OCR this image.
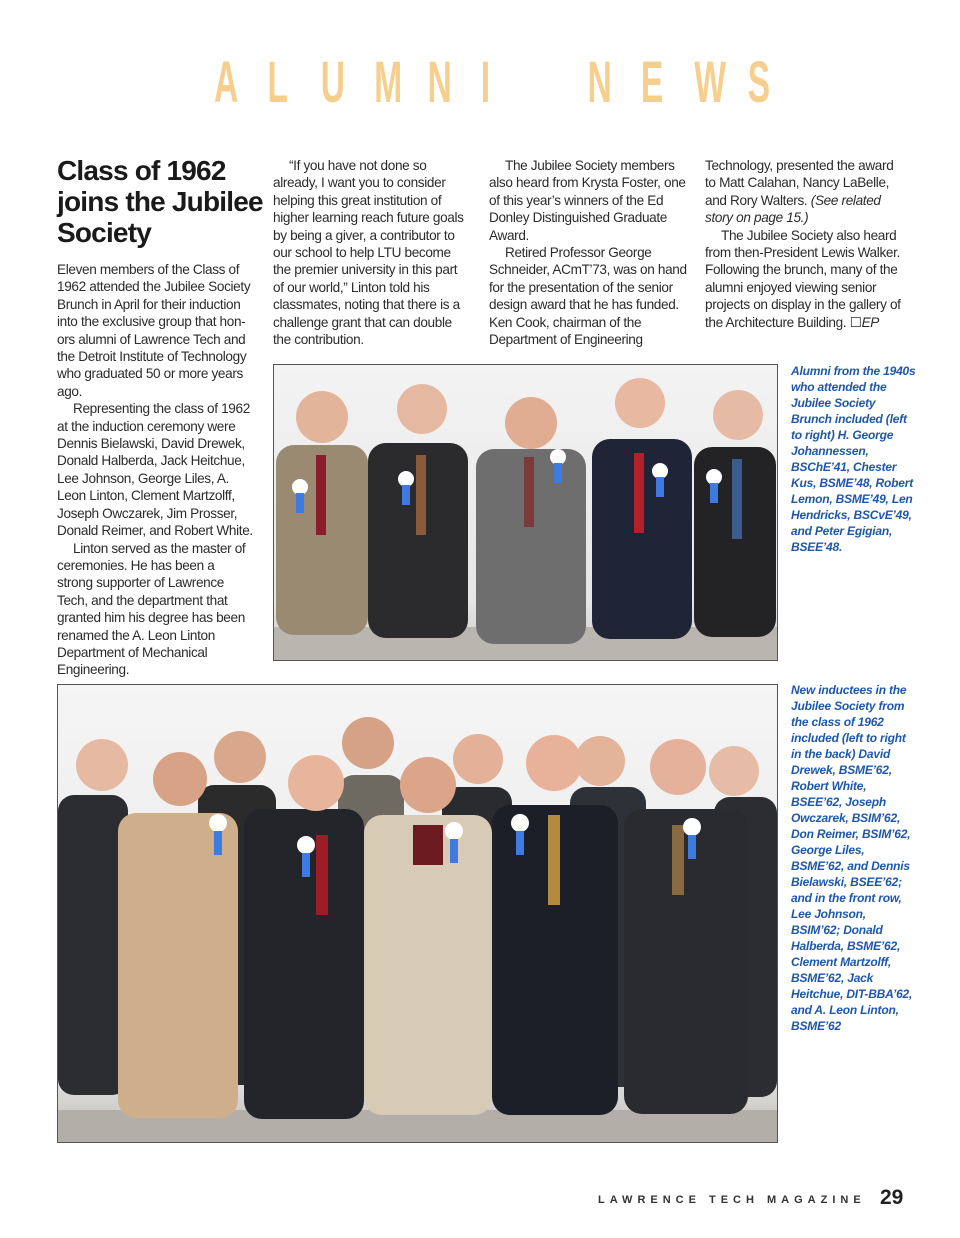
A L U M N I N E W S
Class of 1962 joins the Jubilee Society

Eleven members of the Class of 1962 attended the Jubilee Society Brunch in April for their induction into the exclusive group that hon-ors alumni of Lawrence Tech and the Detroit Institute of Technology who graduated 50 or more years ago.

Representing the class of 1962 at the induction ceremony were Dennis Bielawski, David Drewek, Donald Halberda, Jack Heitchue, Lee Johnson, George Liles, A. Leon Linton, Clement Martzolff, Joseph Owczarek, Jim Prosser, Donald Reimer, and Robert White.

Linton served as the master of ceremonies. He has been a strong supporter of Lawrence Tech, and the department that granted him his degree has been renamed the A. Leon Linton Department of Mechanical Engineering.

“If you have not done so already, I want you to consider helping this great institution of higher learning reach future goals by being a giver, a contributor to our school to help LTU become the premier university in this part of our world,” Linton told his classmates, noting that there is a challenge grant that can double the contribution.

The Jubilee Society members also heard from Krysta Foster, one of this year’s winners of the Ed Donley Distinguished Graduate Award.

Retired Professor George Schneider, ACmT’73, was on hand for the presentation of the senior design award that he has funded. Ken Cook, chairman of the Department of Engineering

Technology, presented the award to Matt Calahan, Nancy LaBelle, and Rory Walters. (See related story on page 15.)

The Jubilee Society also heard from then-President Lewis Walker. Following the brunch, many of the alumni enjoyed viewing senior projects on display in the gallery of the Architecture Building. ☐EP

Alumni from the 1940s who attended the Jubilee Society Brunch included (left to right) H. George Johannessen, BSChE’41, Chester Kus, BSME’48, Robert Lemon, BSME’49, Len Hendricks, BSCvE’49, and Peter Egigian, BSEE’48.
New inductees in the Jubilee Society from the class of 1962 included (left to right in the back) David Drewek, BSME’62, Robert White, BSEE’62, Joseph Owczarek, BSIM’62, Don Reimer, BSIM’62, George Liles, BSME’62, and Dennis Bielawski, BSEE’62; and in the front row, Lee Johnson, BSIM’62; Donald Halberda, BSME’62, Clement Martzolff, BSME’62, Jack Heitchue, DIT-BBA’62, and A. Leon Linton, BSME’62
LAWRENCE TECH MAGAZINE 29
